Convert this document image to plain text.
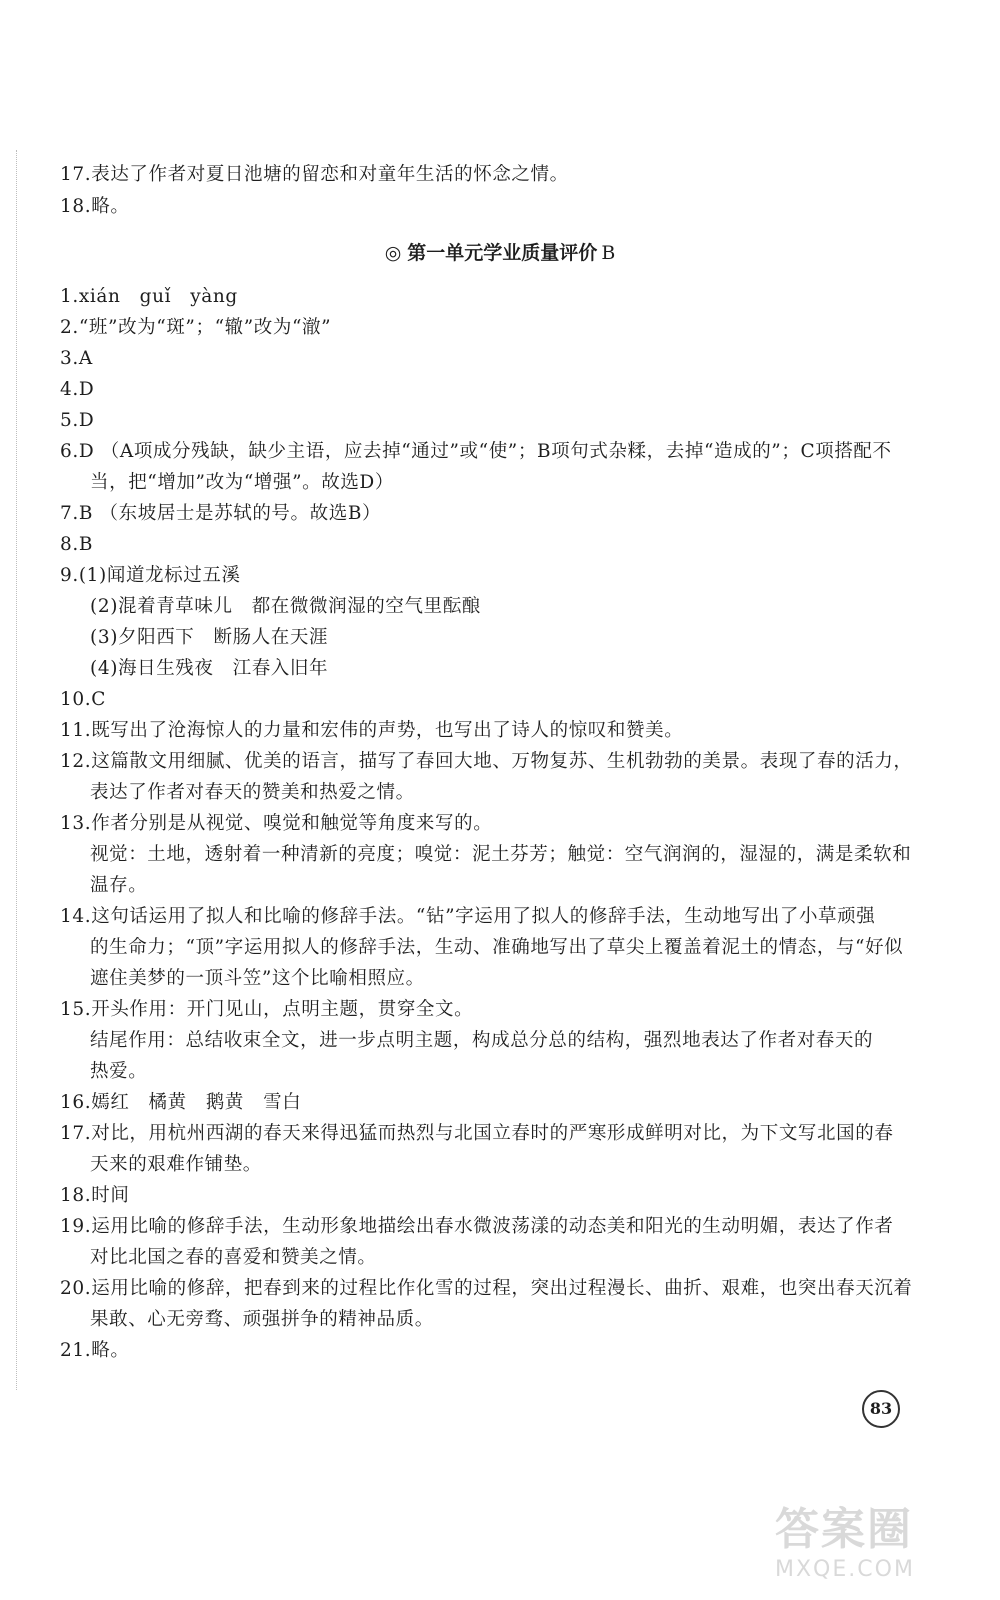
17.表达了作者对夏日池塘的留恋和对童年生活的怀念之情。
18.略。
◎ 第一单元学业质量评价 B
1.xián　guǐ　yàng
2.“班”改为“斑”；“辙”改为“澈”
3.A
4.D
5.D
6.D （A项成分残缺，缺少主语，应去掉“通过”或“使”；B项句式杂糅，去掉“造成的”；C项搭配不
当，把“增加”改为“增强”。故选D）
7.B （东坡居士是苏轼的号。故选B）
8.B
9.(1)闻道龙标过五溪
(2)混着青草味儿　都在微微润湿的空气里酝酿
(3)夕阳西下　断肠人在天涯
(4)海日生残夜　江春入旧年
10.C
11.既写出了沧海惊人的力量和宏伟的声势，也写出了诗人的惊叹和赞美。
12.这篇散文用细腻、优美的语言，描写了春回大地、万物复苏、生机勃勃的美景。表现了春的活力，
表达了作者对春天的赞美和热爱之情。
13.作者分别是从视觉、嗅觉和触觉等角度来写的。
视觉：土地，透射着一种清新的亮度；嗅觉：泥土芬芳；触觉：空气润润的，湿湿的，满是柔软和
温存。
14.这句话运用了拟人和比喻的修辞手法。“钻”字运用了拟人的修辞手法，生动地写出了小草顽强
的生命力；“顶”字运用拟人的修辞手法，生动、准确地写出了草尖上覆盖着泥土的情态，与“好似
遮住美梦的一顶斗笠”这个比喻相照应。
15.开头作用：开门见山，点明主题，贯穿全文。
结尾作用：总结收束全文，进一步点明主题，构成总分总的结构，强烈地表达了作者对春天的
热爱。
16.嫣红　橘黄　鹅黄　雪白
17.对比，用杭州西湖的春天来得迅猛而热烈与北国立春时的严寒形成鲜明对比，为下文写北国的春
天来的艰难作铺垫。
18.时间
19.运用比喻的修辞手法，生动形象地描绘出春水微波荡漾的动态美和阳光的生动明媚，表达了作者
对比北国之春的喜爱和赞美之情。
20.运用比喻的修辞，把春到来的过程比作化雪的过程，突出过程漫长、曲折、艰难，也突出春天沉着
果敢、心无旁骛、顽强拼争的精神品质。
21.略。
83
答案圈
MXQE.COM
